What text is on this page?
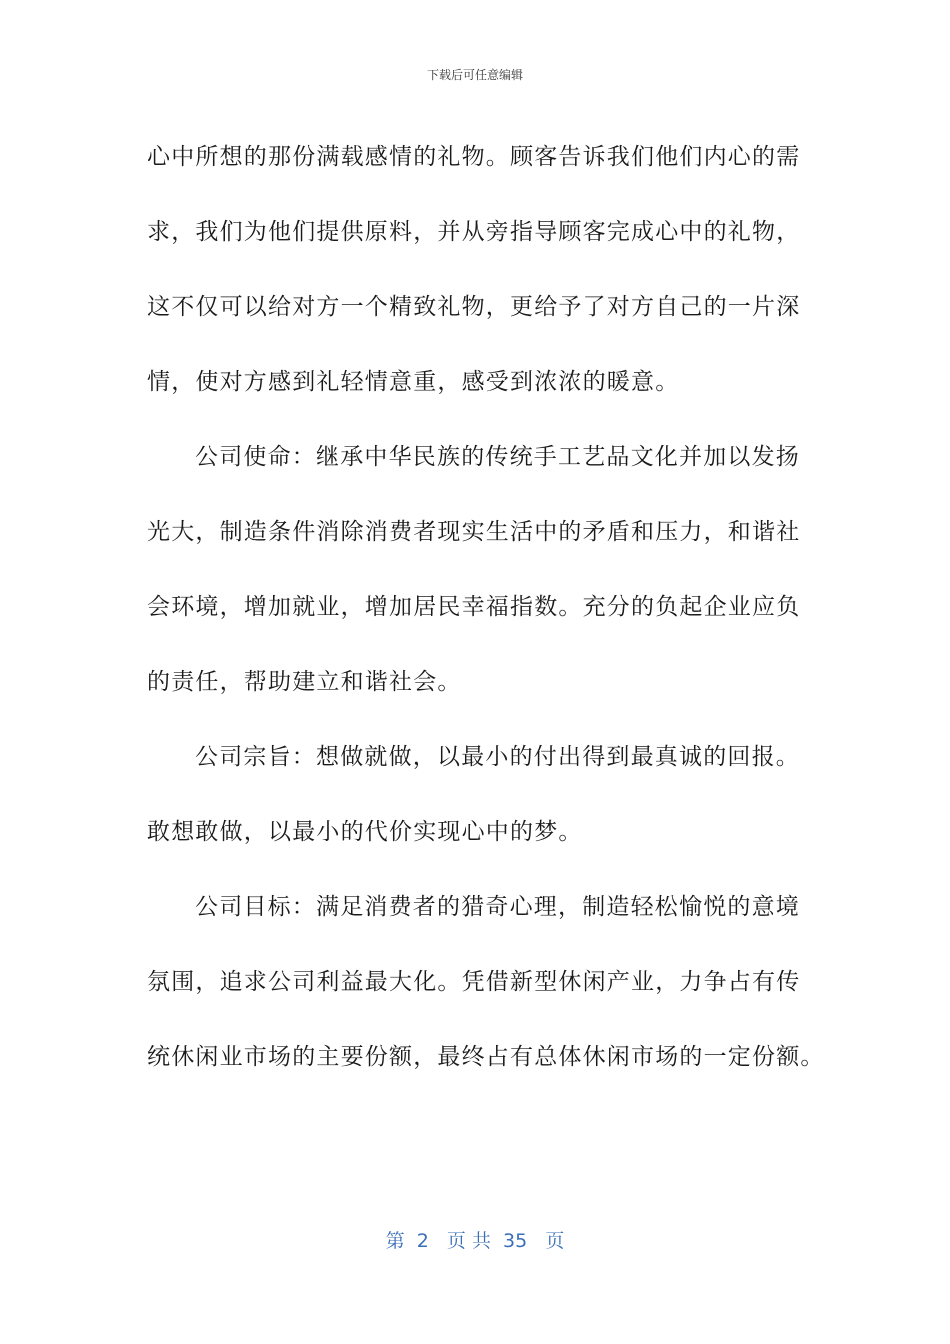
下载后可任意编辑
心中所想的那份满载感情的礼物。顾客告诉我们他们内心的需
求，我们为他们提供原料，并从旁指导顾客完成心中的礼物，
这不仅可以给对方一个精致礼物，更给予了对方自己的一片深
情，使对方感到礼轻情意重，感受到浓浓的暖意。
公司使命：继承中华民族的传统手工艺品文化并加以发扬
光大，制造条件消除消费者现实生活中的矛盾和压力，和谐社
会环境，增加就业，增加居民幸福指数。充分的负起企业应负
的责任，帮助建立和谐社会。
公司宗旨：想做就做，以最小的付出得到最真诚的回报。
敢想敢做，以最小的代价实现心中的梦。
公司目标：满足消费者的猎奇心理，制造轻松愉悦的意境
氛围，追求公司利益最大化。凭借新型休闲产业，力争占有传
统休闲业市场的主要份额，最终占有总体休闲市场的一定份额。
第  2   页 共  35   页
